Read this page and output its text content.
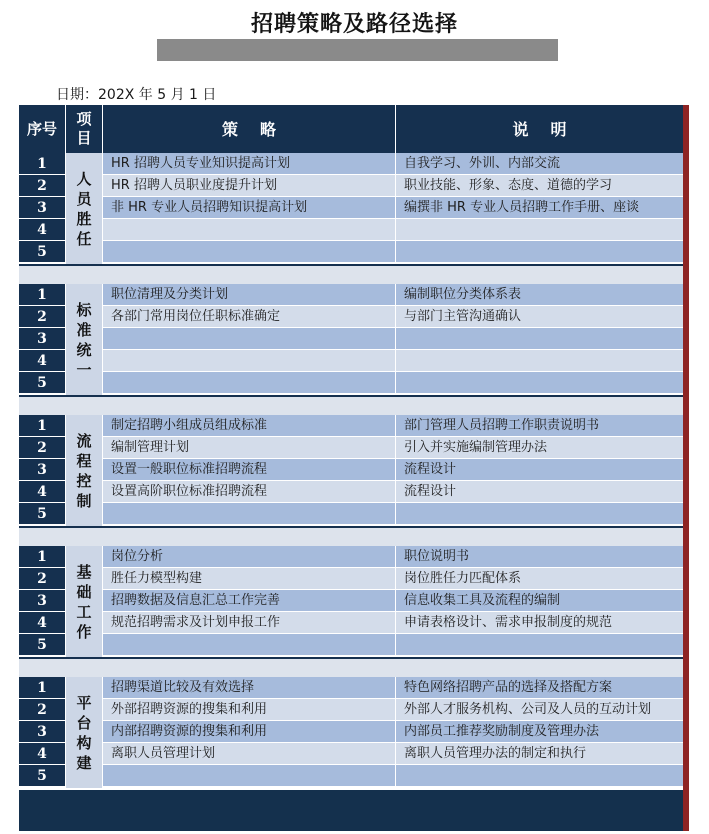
招聘策略及路径选择
日期：202X 年 5 月 1 日
序号
项目	策略	说明
人
员
胜
任
1	HR 招聘人员专业知识提高计划	自我学习、外训、内部交流
2	HR 招聘人员职业度提升计划	职业技能、形象、态度、道德的学习
3	非 HR 专业人员招聘知识提高计划	编撰非 HR 专业人员招聘工作手册、座谈
4
5
标
准
统
一
1	职位清理及分类计划	编制职位分类体系表
2	各部门常用岗位任职标准确定	与部门主管沟通确认
3
4
5
流
程
控
制
1	制定招聘小组成员组成标准	部门管理人员招聘工作职责说明书
2	编制管理计划	引入并实施编制管理办法
3	设置一般职位标准招聘流程	流程设计
4	设置高阶职位标准招聘流程	流程设计
5
基
础
工
作
1	岗位分析	职位说明书
2	胜任力模型构建	岗位胜任力匹配体系
3	招聘数据及信息汇总工作完善	信息收集工具及流程的编制
4	规范招聘需求及计划申报工作	申请表格设计、需求申报制度的规范
5
平
台
构
建
1	招聘渠道比较及有效选择	特色网络招聘产品的选择及搭配方案
2	外部招聘资源的搜集和利用	外部人才服务机构、公司及人员的互动计划
3	内部招聘资源的搜集和利用	内部员工推荐奖励制度及管理办法
4	离职人员管理计划	离职人员管理办法的制定和执行
5
